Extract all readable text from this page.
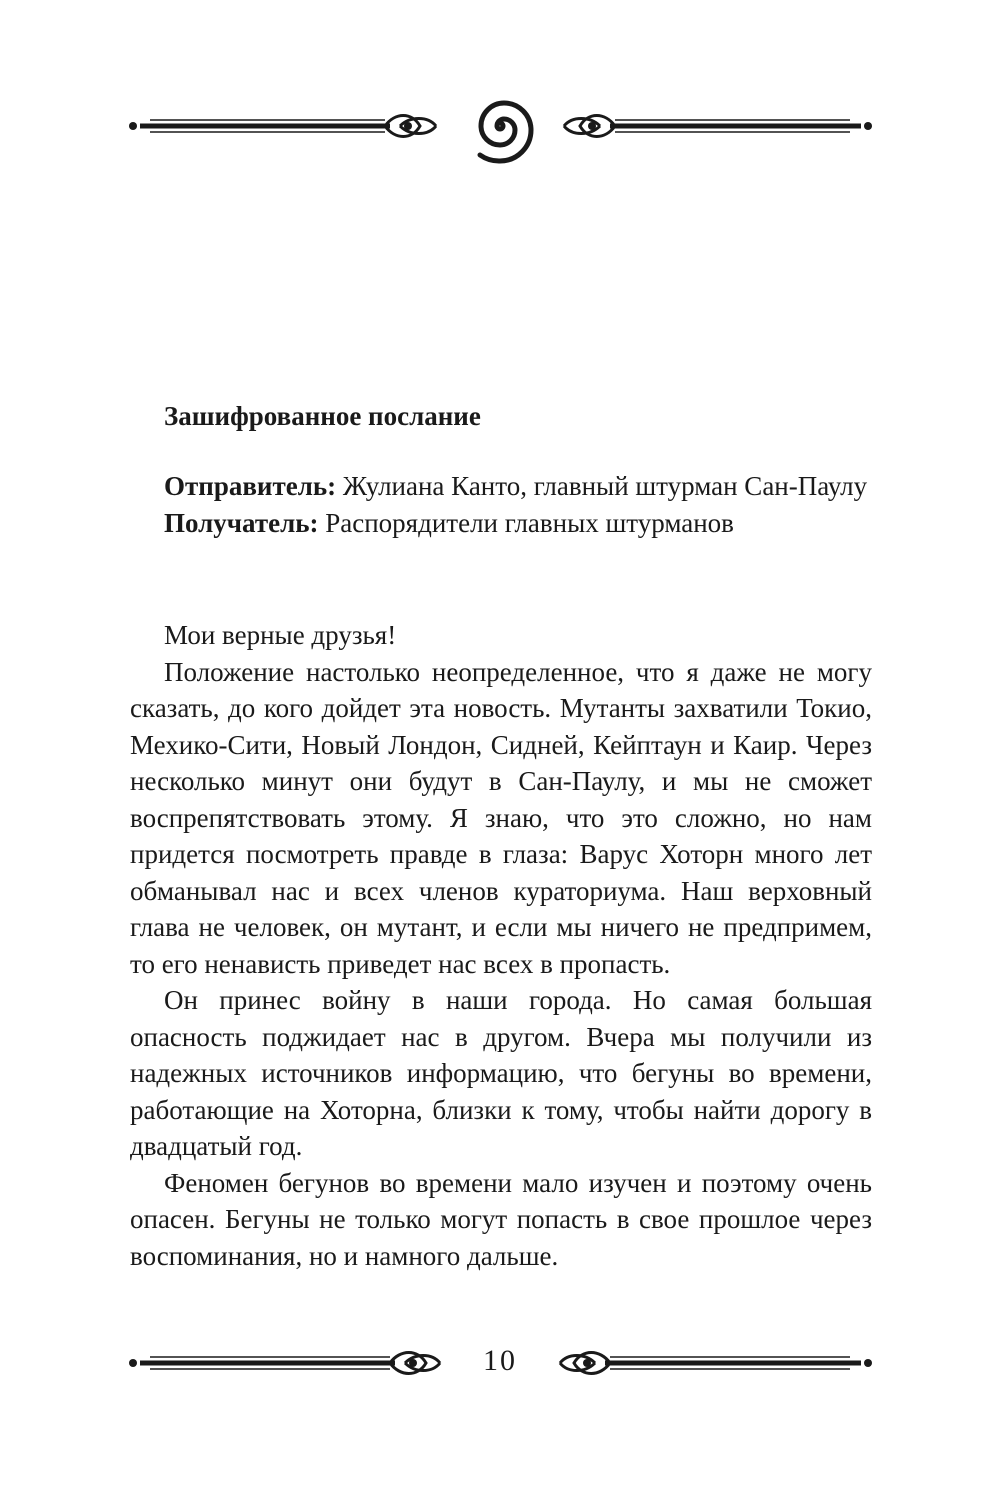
Зашифрованное послание

Отправитель: Жулиана Канто, главный штурман Сан-Паулу

Получатель: Распорядители главных штурманов

Мои верные друзья!

Положение настолько неопределенное, что я даже не могу сказать, до кого дойдет эта новость. Мутанты захватили Токио, Мехико-Сити, Новый Лондон, Сидней, Кейптаун и Каир. Через несколько минут они будут в Сан-Паулу, и мы не сможет воспрепятствовать этому. Я знаю, что это сложно, но нам придется посмотреть правде в глаза: Варус Хоторн много лет обманывал нас и всех членов кураториума. Наш верховный глава не человек, он мутант, и если мы ничего не предпримем, то его ненависть приведет нас всех в пропасть.

Он принес войну в наши города. Но самая большая опасность поджидает нас в другом. Вчера мы получили из надежных источников информацию, что бегуны во времени, работающие на Хоторна, близки к тому, чтобы найти дорогу в двадцатый год.

Феномен бегунов во времени мало изучен и поэтому очень опасен. Бегуны не только могут попасть в свое прошлое через воспоминания, но и намного дальше.

10
